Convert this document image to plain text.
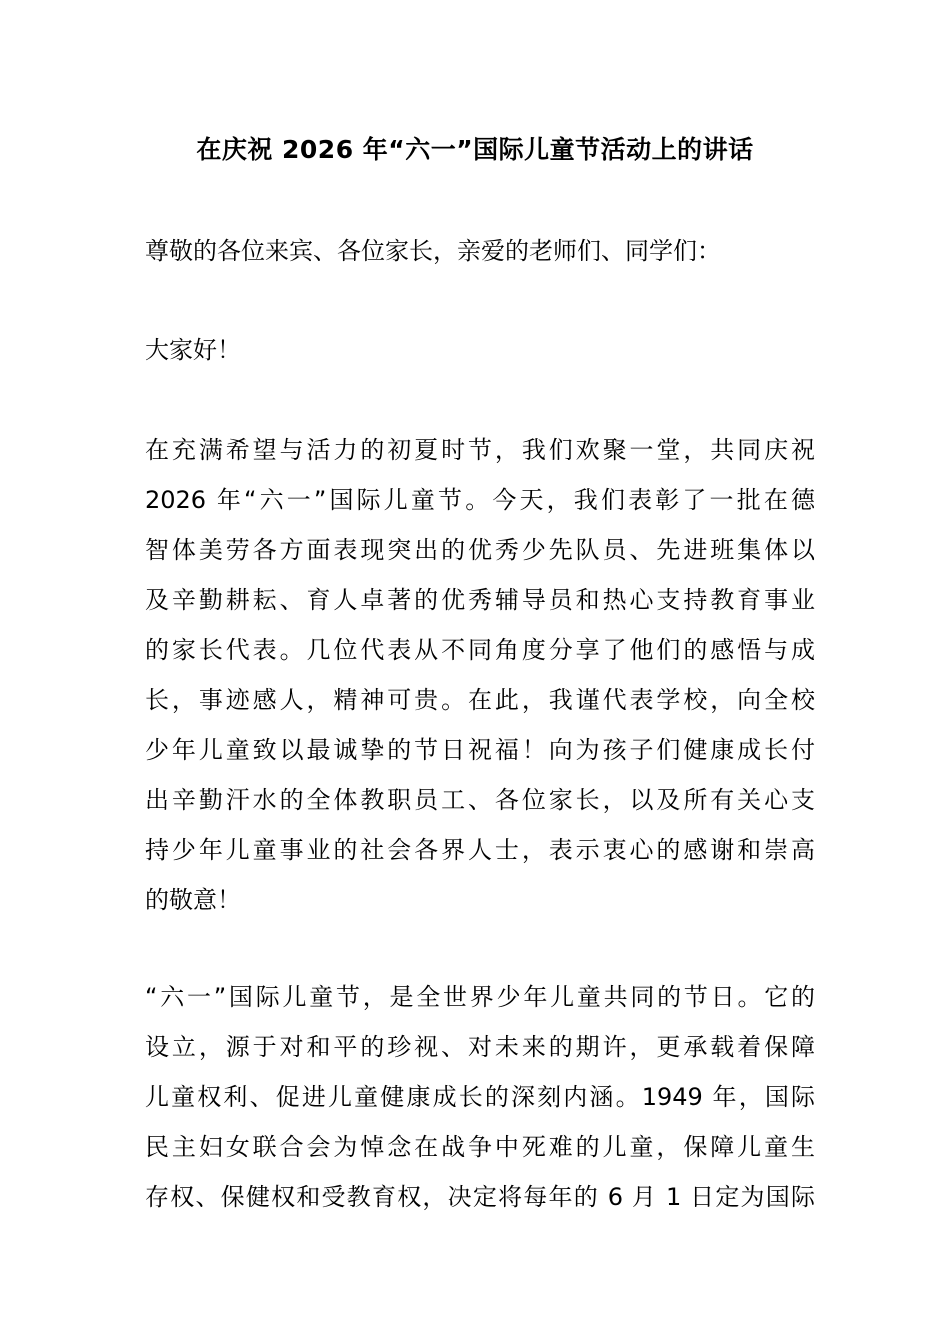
在庆祝 2026 年“六一”国际儿童节活动上的讲话
尊敬的各位来宾、各位家长，亲爱的老师们、同学们：
大家好！
在充满希望与活力的初夏时节，我们欢聚一堂，共同庆祝
2026 年“六一”国际儿童节。今天，我们表彰了一批在德
智体美劳各方面表现突出的优秀少先队员、先进班集体以
及辛勤耕耘、育人卓著的优秀辅导员和热心支持教育事业
的家长代表。几位代表从不同角度分享了他们的感悟与成
长，事迹感人，精神可贵。在此，我谨代表学校，向全校
少年儿童致以最诚挚的节日祝福！向为孩子们健康成长付
出辛勤汗水的全体教职员工、各位家长，以及所有关心支
持少年儿童事业的社会各界人士，表示衷心的感谢和崇高
的敬意！
“六一”国际儿童节，是全世界少年儿童共同的节日。它的
设立，源于对和平的珍视、对未来的期许，更承载着保障
儿童权利、促进儿童健康成长的深刻内涵。1949 年，国际
民主妇女联合会为悼念在战争中死难的儿童，保障儿童生
存权、保健权和受教育权，决定将每年的 6 月 1 日定为国际
